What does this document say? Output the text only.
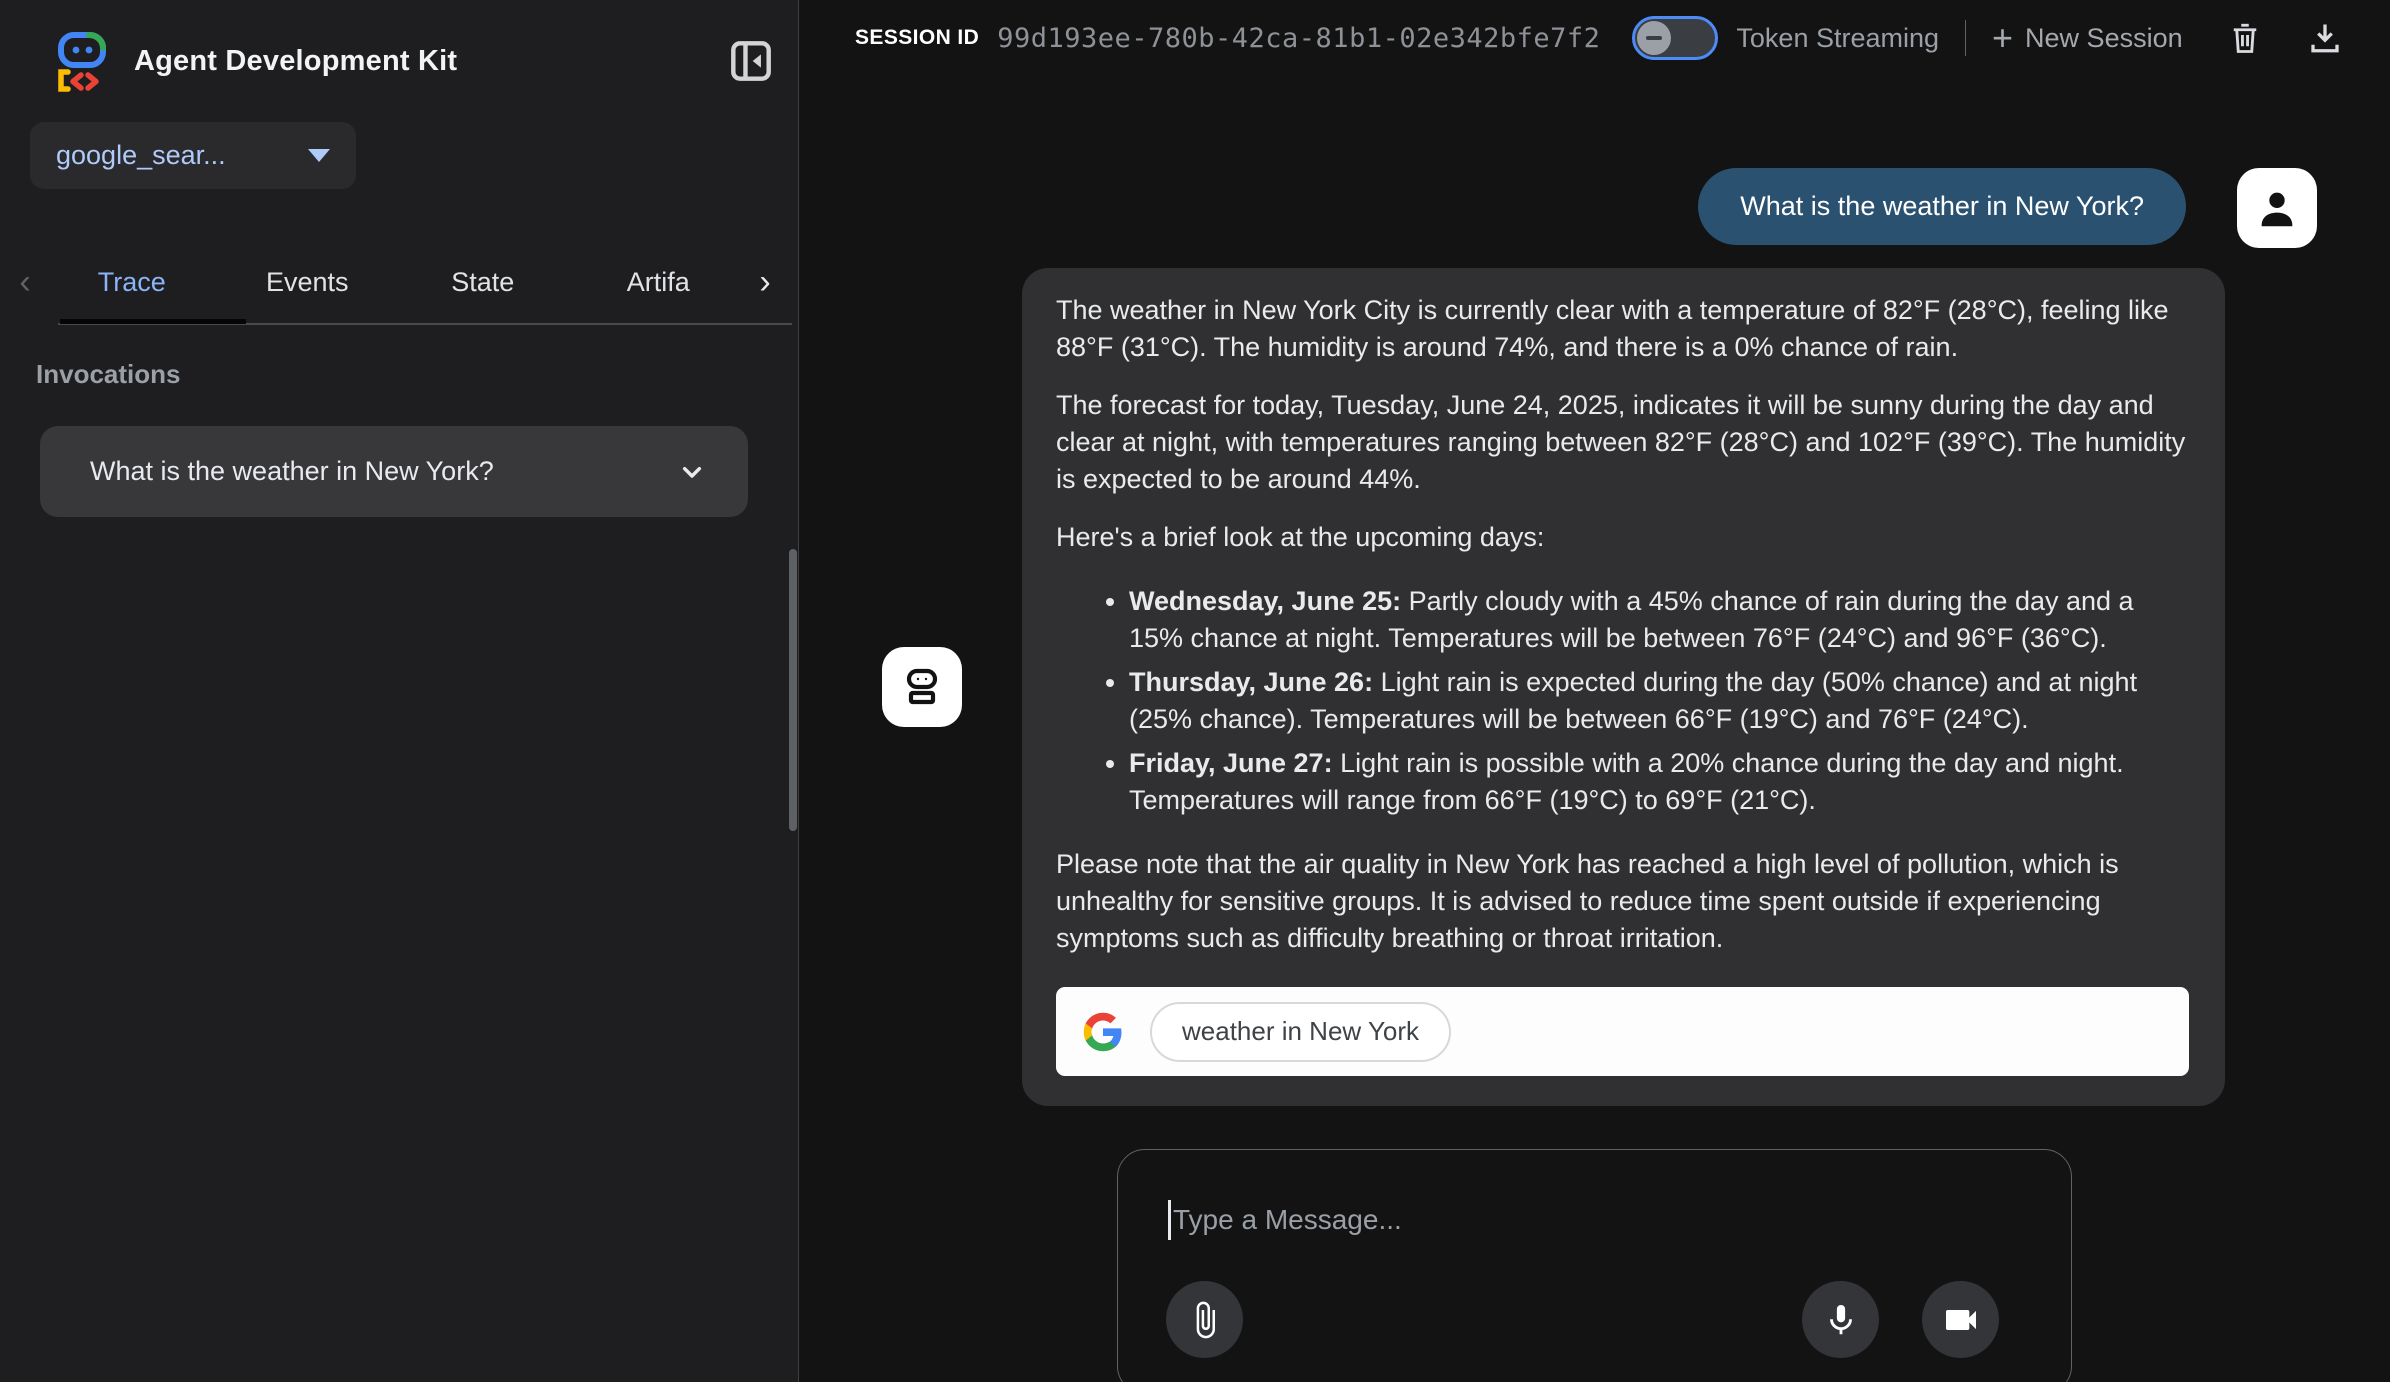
Agent Development Kit
google_sear...
‹	Trace	Events	State	Artifa	›
Invocations
What is the weather in New York?
SESSION ID 99d193ee-780b-42ca-81b1-02e342bfe7f2	Token Streaming + New Session
What is the weather in New York?

The weather in New York City is currently clear with a temperature of 82°F (28°C), feeling like 88°F (31°C). The humidity is around 74%, and there is a 0% chance of rain.

The forecast for today, Tuesday, June 24, 2025, indicates it will be sunny during the day and clear at night, with temperatures ranging between 82°F (28°C) and 102°F (39°C). The humidity is expected to be around 44%.

Here's a brief look at the upcoming days:

• Wednesday, June 25: Partly cloudy with a 45% chance of rain during the day and a 15% chance at night. Temperatures will be between 76°F (24°C) and 96°F (36°C).
• Thursday, June 26: Light rain is expected during the day (50% chance) and at night (25% chance). Temperatures will be between 66°F (19°C) and 76°F (24°C).
• Friday, June 27: Light rain is possible with a 20% chance during the day and night. Temperatures will range from 66°F (19°C) to 69°F (21°C).

Please note that the air quality in New York has reached a high level of pollution, which is unhealthy for sensitive groups. It is advised to reduce time spent outside if experiencing symptoms such as difficulty breathing or throat irritation.

weather in New York
Type a Message...
